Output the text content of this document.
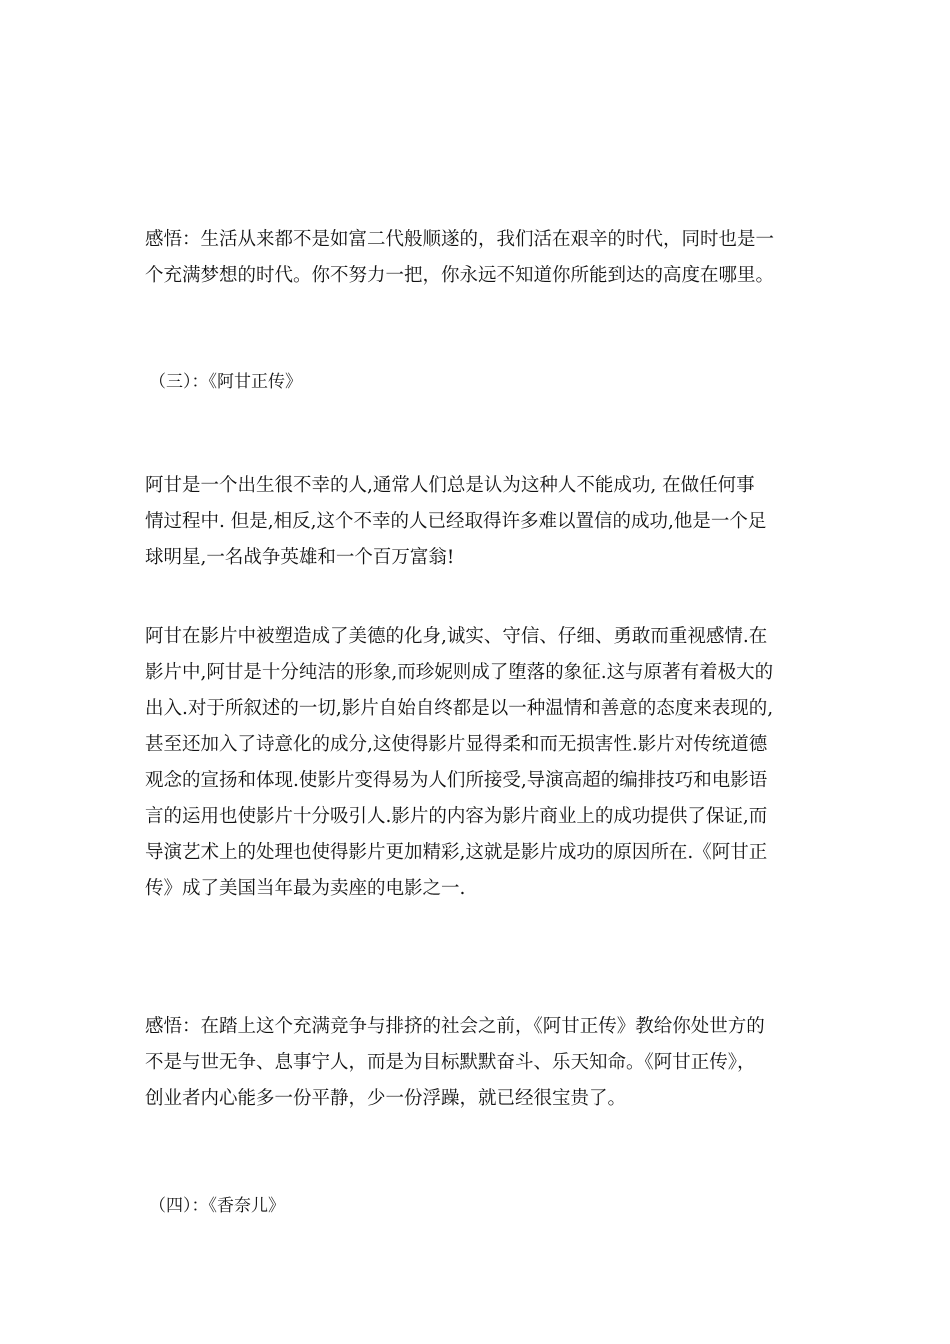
感悟：生活从来都不是如富二代般顺遂的，我们活在艰辛的时代，同时也是一
个充满梦想的时代。你不努力一把，你永远不知道你所能到达的高度在哪里。

（三）：《阿甘正传》

阿甘是一个出生很不幸的人,通常人们总是认为这种人不能成功, 在做任何事
情过程中. 但是,相反,这个不幸的人已经取得许多难以置信的成功,他是一个足
球明星,一名战争英雄和一个百万富翁!

阿甘在影片中被塑造成了美德的化身,诚实、守信、仔细、勇敢而重视感情.在
影片中,阿甘是十分纯洁的形象,而珍妮则成了堕落的象征.这与原著有着极大的
出入.对于所叙述的一切,影片自始自终都是以一种温情和善意的态度来表现的,
甚至还加入了诗意化的成分,这使得影片显得柔和而无损害性.影片对传统道德
观念的宣扬和体现.使影片变得易为人们所接受,导演高超的编排技巧和电影语
言的运用也使影片十分吸引人.影片的内容为影片商业上的成功提供了保证,而
导演艺术上的处理也使得影片更加精彩,这就是影片成功的原因所在.《阿甘正
传》成了美国当年最为卖座的电影之一.

感悟：在踏上这个充满竞争与排挤的社会之前，《阿甘正传》教给你处世方的
不是与世无争、息事宁人，而是为目标默默奋斗、乐天知命。《阿甘正传》，
创业者内心能多一份平静，少一份浮躁，就已经很宝贵了。

（四）：《香奈儿》
